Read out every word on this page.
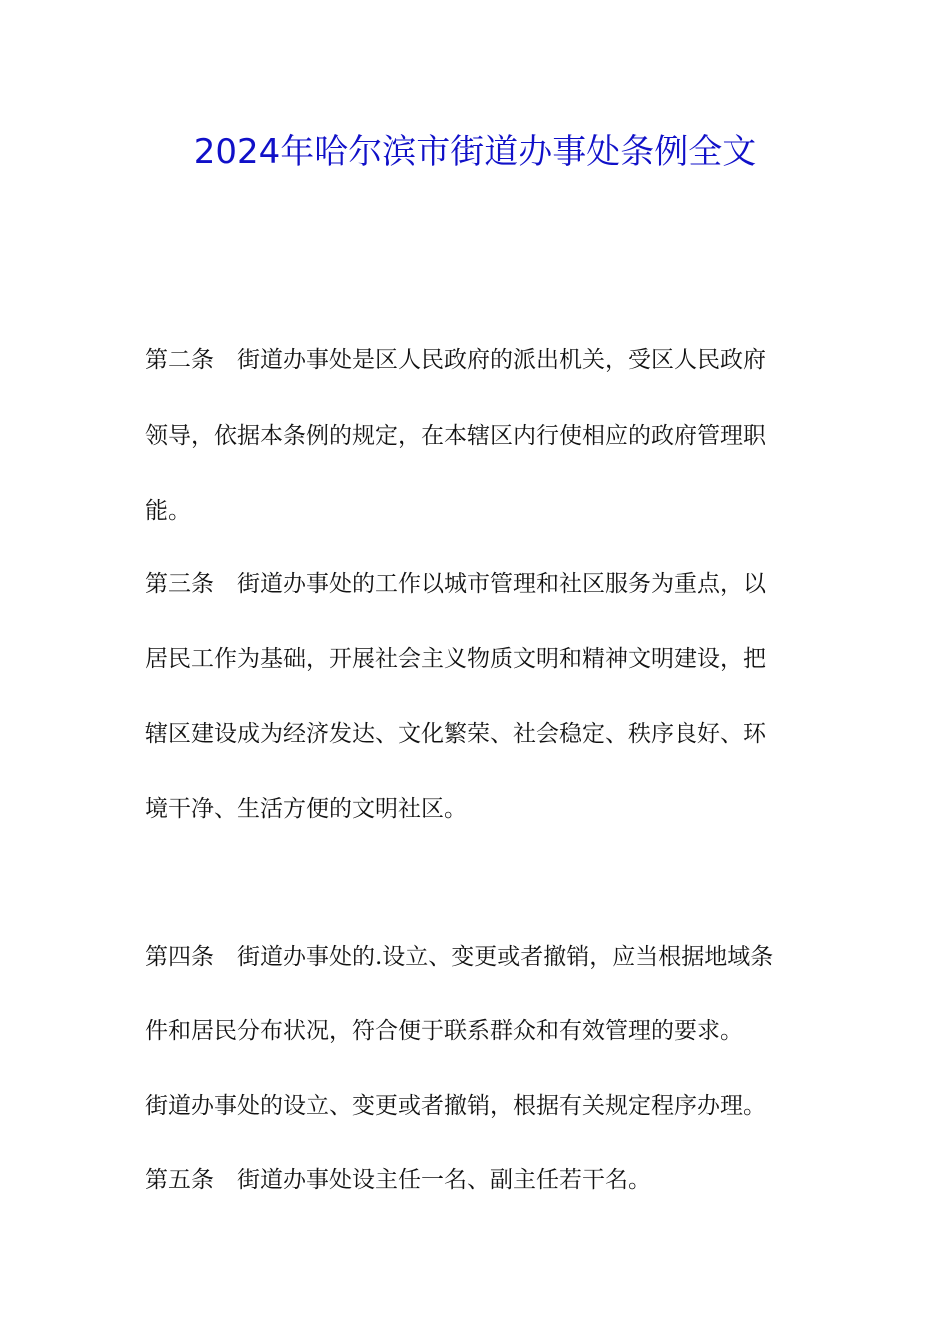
2024年哈尔滨市街道办事处条例全文
第二条　街道办事处是区人民政府的派出机关，受区人民政府
领导，依据本条例的规定，在本辖区内行使相应的政府管理职
能。
第三条　街道办事处的工作以城市管理和社区服务为重点，以
居民工作为基础，开展社会主义物质文明和精神文明建设，把
辖区建设成为经济发达、文化繁荣、社会稳定、秩序良好、环
境干净、生活方便的文明社区。
第四条　街道办事处的.设立、变更或者撤销，应当根据地域条
件和居民分布状况，符合便于联系群众和有效管理的要求。
街道办事处的设立、变更或者撤销，根据有关规定程序办理。
第五条　街道办事处设主任一名、副主任若干名。
